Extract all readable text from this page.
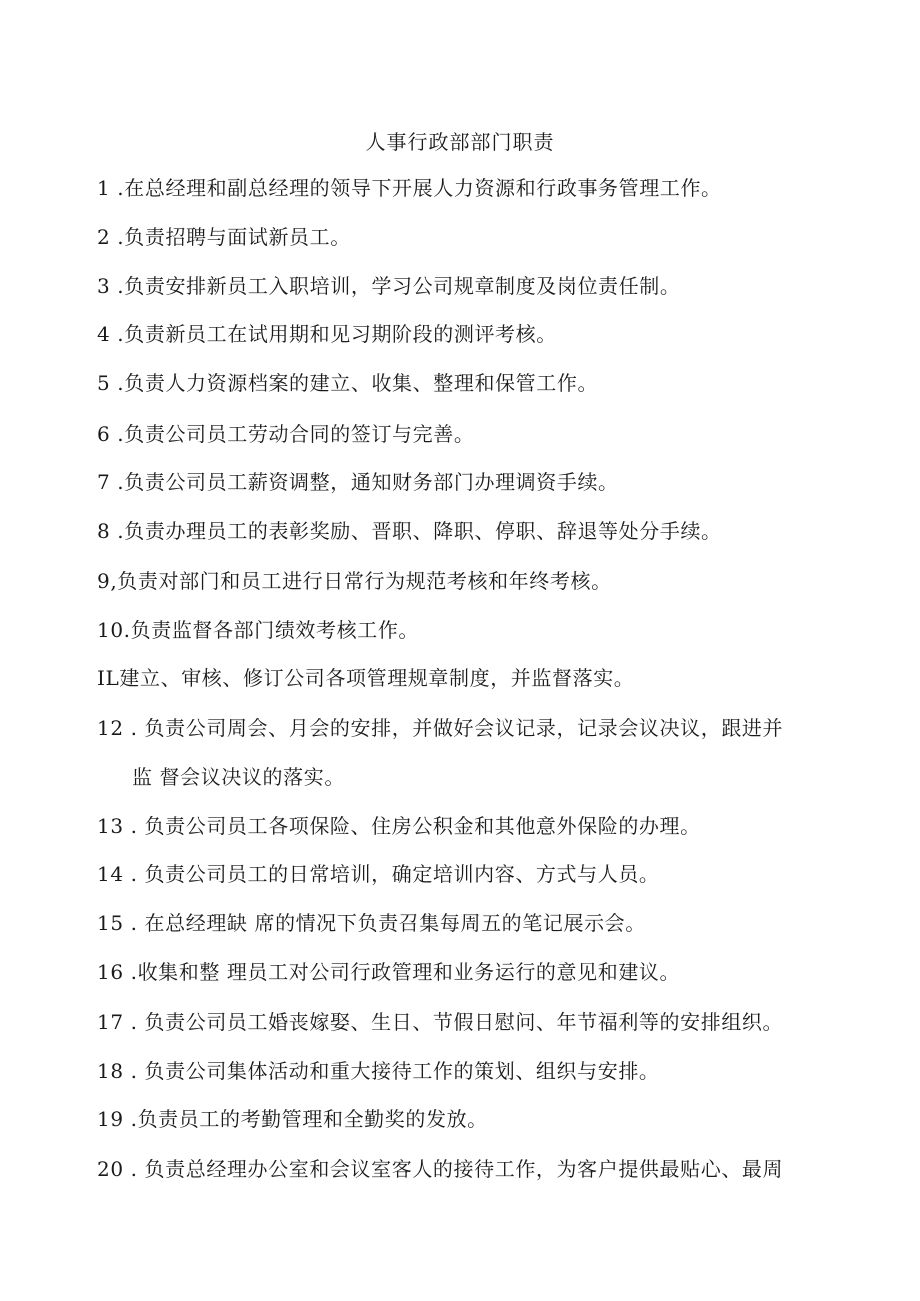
人事行政部部门职责
1 .在总经理和副总经理的领导下开展人力资源和行政事务管理工作。
2 .负责招聘与面试新员工。
3 .负责安排新员工入职培训，学习公司规章制度及岗位责任制。
4 .负责新员工在试用期和见习期阶段的测评考核。
5 .负责人力资源档案的建立、收集、整理和保管工作。
6 .负责公司员工劳动合同的签订与完善。
7 .负责公司员工薪资调整，通知财务部门办理调资手续。
8 .负责办理员工的表彰奖励、晋职、降职、停职、辞退等处分手续。
9,负责对部门和员工进行日常行为规范考核和年终考核。
10.负责监督各部门绩效考核工作。
IL建立、审核、修订公司各项管理规章制度，并监督落实。
12 . 负责公司周会、月会的安排，并做好会议记录，记录会议决议，跟进并
监 督会议决议的落实。
13 . 负责公司员工各项保险、住房公积金和其他意外保险的办理。
14 . 负责公司员工的日常培训，确定培训内容、方式与人员。
15 . 在总经理缺 席的情况下负责召集每周五的笔记展示会。
16 .收集和整 理员工对公司行政管理和业务运行的意见和建议。
17 . 负责公司员工婚丧嫁娶、生日、节假日慰问、年节福利等的安排组织。
18 . 负责公司集体活动和重大接待工作的策划、组织与安排。
19 .负责员工的考勤管理和全勤奖的发放。
20 . 负责总经理办公室和会议室客人的接待工作，为客户提供最贴心、最周
